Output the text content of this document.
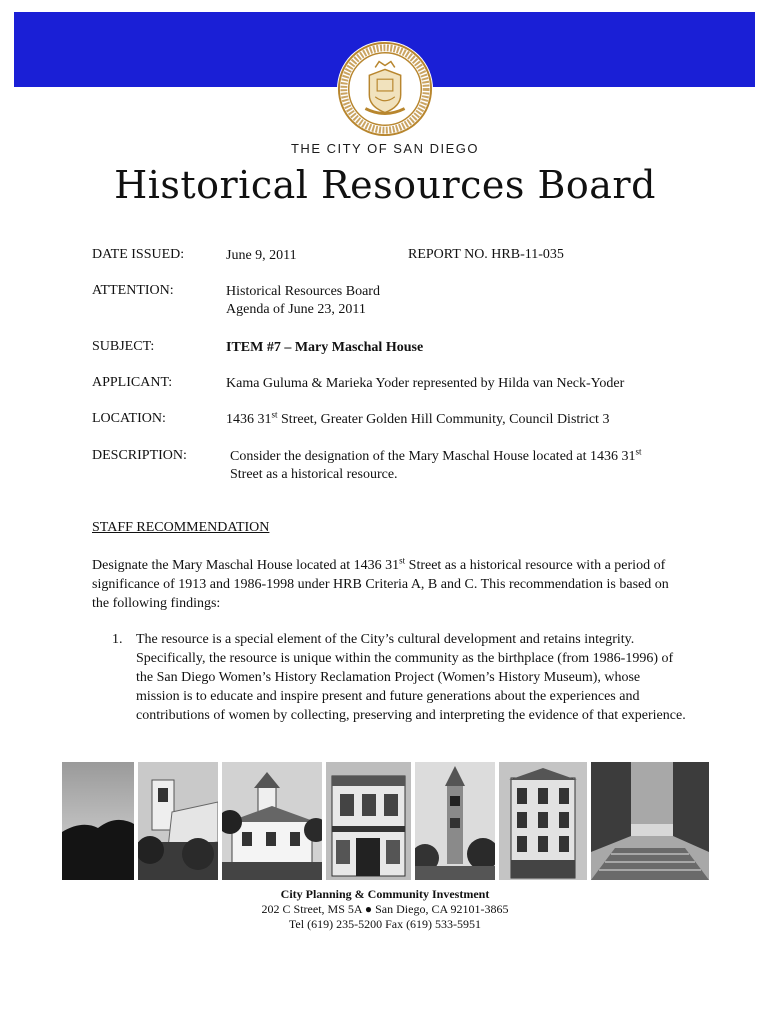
THE CITY OF SAN DIEGO
Historical Resources Board
DATE ISSUED:	June 9, 2011	REPORT NO. HRB-11-035
ATTENTION:	Historical Resources Board
Agenda of June 23, 2011
SUBJECT:	ITEM #7 – Mary Maschal House
APPLICANT:	Kama Guluma & Marieka Yoder represented by Hilda van Neck-Yoder
LOCATION:	1436 31st Street, Greater Golden Hill Community, Council District 3
DESCRIPTION:	Consider the designation of the Mary Maschal House located at 1436 31st
Street as a historical resource.
STAFF RECOMMENDATION
Designate the Mary Maschal House located at 1436 31st Street as a historical resource with a period of significance of 1913 and 1986-1998 under HRB Criteria A, B and C. This recommendation is based on the following findings:
1. The resource is a special element of the City’s cultural development and retains integrity. Specifically, the resource is unique within the community as the birthplace (from 1986-1996) of the San Diego Women’s History Reclamation Project (Women’s History Museum), whose mission is to educate and inspire present and future generations about the experiences and contributions of women by collecting, preserving and interpreting the evidence of that experience.
City Planning & Community Investment
202 C Street, MS 5A ● San Diego, CA 92101-3865
Tel (619) 235-5200 Fax (619) 533-5951
